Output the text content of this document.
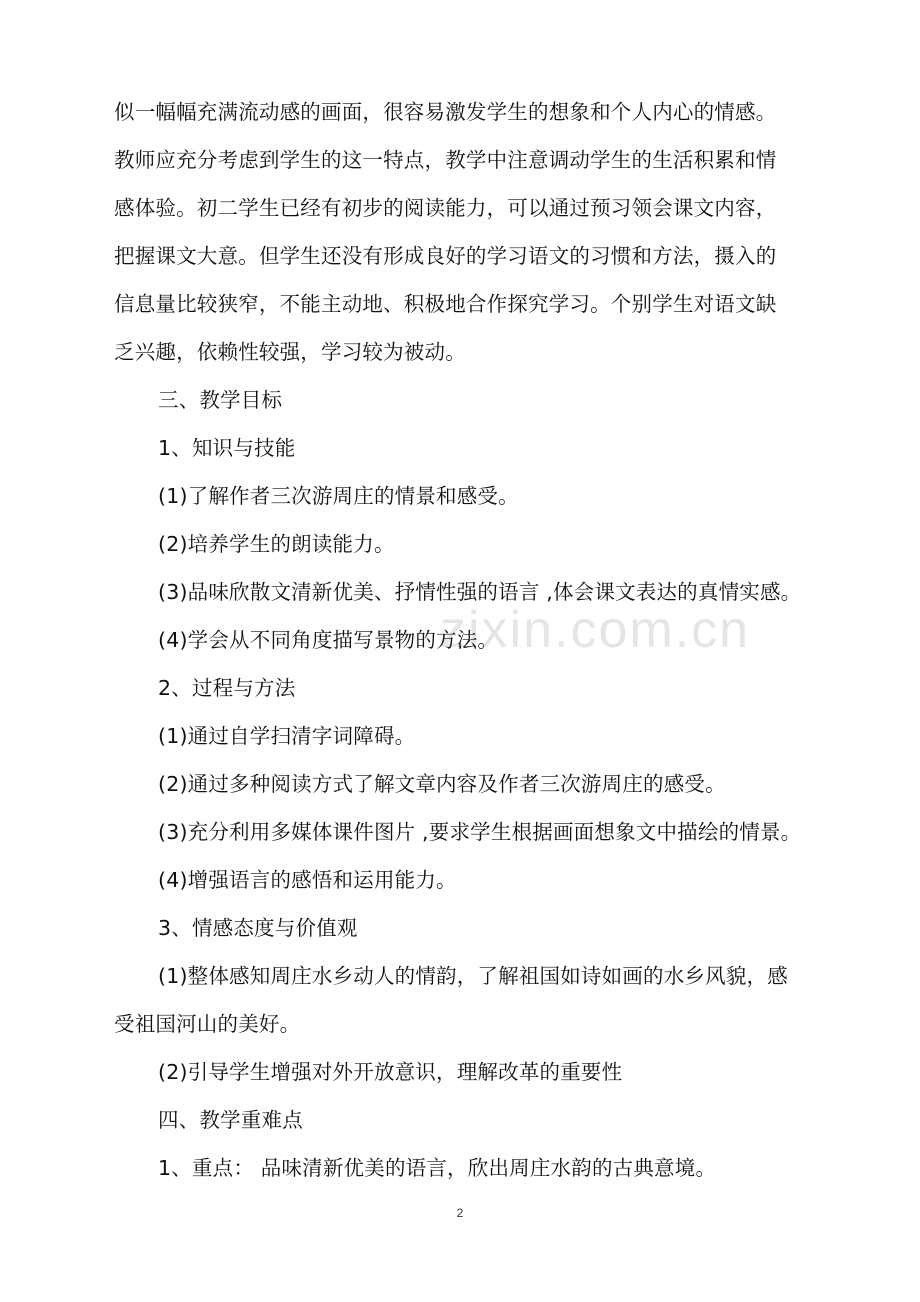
zixin.com.cn
似一幅幅充满流动感的画面，很容易激发学生的想象和个人内心的情感。
教师应充分考虑到学生的这一特点，教学中注意调动学生的生活积累和情
感体验。初二学生已经有初步的阅读能力，可以通过预习领会课文内容，
把握课文大意。但学生还没有形成良好的学习语文的习惯和方法，摄入的
信息量比较狭窄，不能主动地、积极地合作探究学习。个别学生对语文缺
乏兴趣，依赖性较强，学习较为被动。
三、教学目标
1、知识与技能
(1)了解作者三次游周庄的情景和感受。
(2)培养学生的朗读能力。
(3)品味欣散文清新优美、抒情性强的语言 ,体会课文表达的真情实感。
(4)学会从不同角度描写景物的方法。
2、过程与方法
(1)通过自学扫清字词障碍。
(2)通过多种阅读方式了解文章内容及作者三次游周庄的感受。
(3)充分利用多媒体课件图片 ,要求学生根据画面想象文中描绘的情景。
(4)增强语言的感悟和运用能力。
3、情感态度与价值观
(1)整体感知周庄水乡动人的情韵，了解祖国如诗如画的水乡风貌，感
受祖国河山的美好。
(2)引导学生增强对外开放意识，理解改革的重要性
四、教学重难点
1、重点： 品味清新优美的语言，欣出周庄水韵的古典意境。
2
